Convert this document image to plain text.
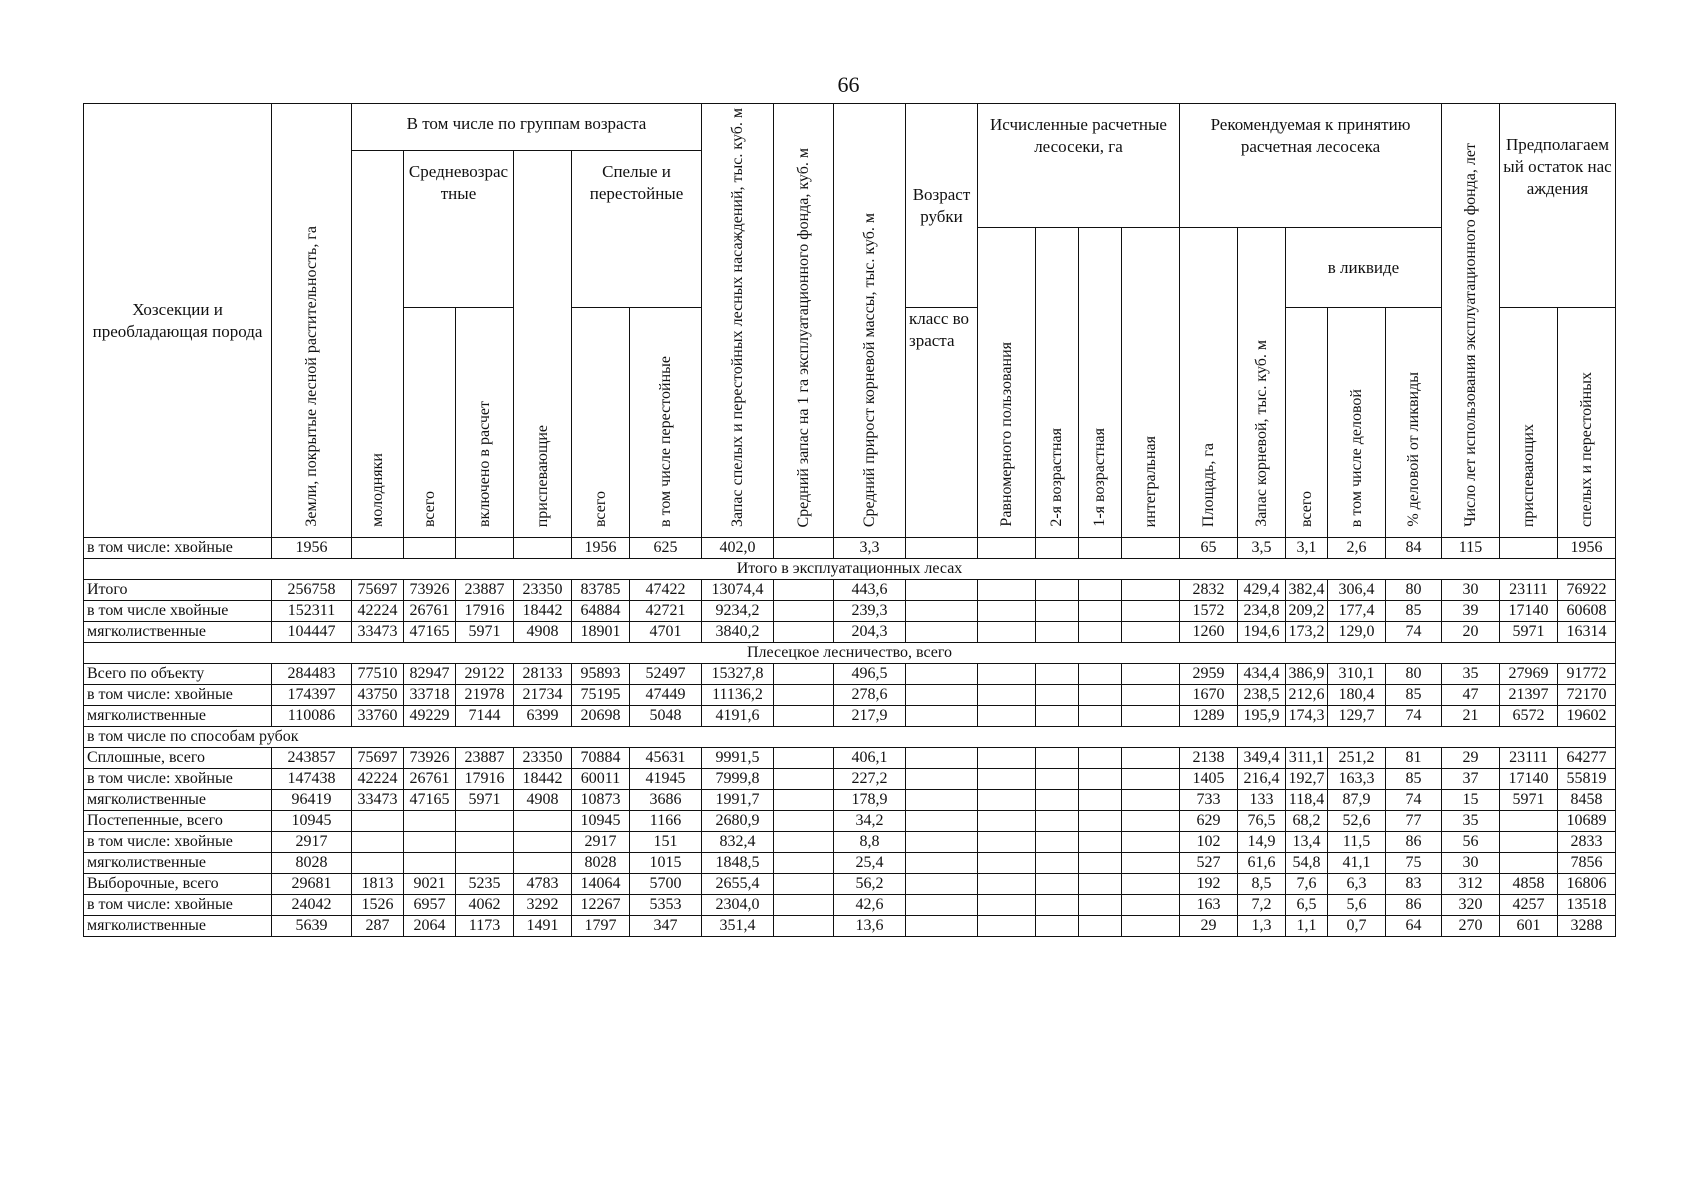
66
Хозсекции и преобладающая порода	Земли, покрытые лесной растительность, га	В том числе по группам возраста						Запас спелых и перестойных лесных насаждений, тыс. куб. м	Средний запас на 1 га эксплуатационного фонда, куб. м	Средний прирост корневой массы, тыс. куб. м	Возраст рубки	Исчисленные расчетные лесосеки, га				Рекомендуемая к принятию расчетная лесосека					Число лет использования эксплуатационного фонда, лет	Предполагаемый остаток насаждения	

		молодняки	Средневозрастные		приспевающие	Спелые и перестойные																	
												Равномерного пользования	2-я возрастная	1-я возрастная	интегральная	Площадь, га	Запас корневой, тыс. куб. м	в ликвиде					
			всего	включено в расчет		всего	в том числе перестойные				класс возраста							всего	в том числе деловой	% деловой от ликвиды		приспевающих	спелых и перестойных

в том числе: хвойные	1956					1956	625	402,0		3,3						65	3,5	3,1	2,6	84	115		1956
Итого в эксплуатационных лесах																							
Итого	256758	75697	73926	23887	23350	83785	47422	13074,4		443,6						2832	429,4	382,4	306,4	80	30	23111	76922
в том числе хвойные	152311	42224	26761	17916	18442	64884	42721	9234,2		239,3						1572	234,8	209,2	177,4	85	39	17140	60608
мягколиственные	104447	33473	47165	5971	4908	18901	4701	3840,2		204,3						1260	194,6	173,2	129,0	74	20	5971	16314
Плесецкое лесничество, всего																							
Всего по объекту	284483	77510	82947	29122	28133	95893	52497	15327,8		496,5						2959	434,4	386,9	310,1	80	35	27969	91772
в том числе: хвойные	174397	43750	33718	21978	21734	75195	47449	11136,2		278,6						1670	238,5	212,6	180,4	85	47	21397	72170
мягколиственные	110086	33760	49229	7144	6399	20698	5048	4191,6		217,9						1289	195,9	174,3	129,7	74	21	6572	19602
в том числе по способам рубок																							
Сплошные, всего	243857	75697	73926	23887	23350	70884	45631	9991,5		406,1						2138	349,4	311,1	251,2	81	29	23111	64277
в том числе: хвойные	147438	42224	26761	17916	18442	60011	41945	7999,8		227,2						1405	216,4	192,7	163,3	85	37	17140	55819
мягколиственные	96419	33473	47165	5971	4908	10873	3686	1991,7		178,9						733	133	118,4	87,9	74	15	5971	8458
Постепенные, всего	10945					10945	1166	2680,9		34,2						629	76,5	68,2	52,6	77	35		10689
в том числе: хвойные	2917					2917	151	832,4		8,8						102	14,9	13,4	11,5	86	56		2833
мягколиственные	8028					8028	1015	1848,5		25,4						527	61,6	54,8	41,1	75	30		7856
Выборочные, всего	29681	1813	9021	5235	4783	14064	5700	2655,4		56,2						192	8,5	7,6	6,3	83	312	4858	16806
в том числе: хвойные	24042	1526	6957	4062	3292	12267	5353	2304,0		42,6						163	7,2	6,5	5,6	86	320	4257	13518
мягколиственные	5639	287	2064	1173	1491	1797	347	351,4		13,6						29	1,3	1,1	0,7	64	270	601	3288
